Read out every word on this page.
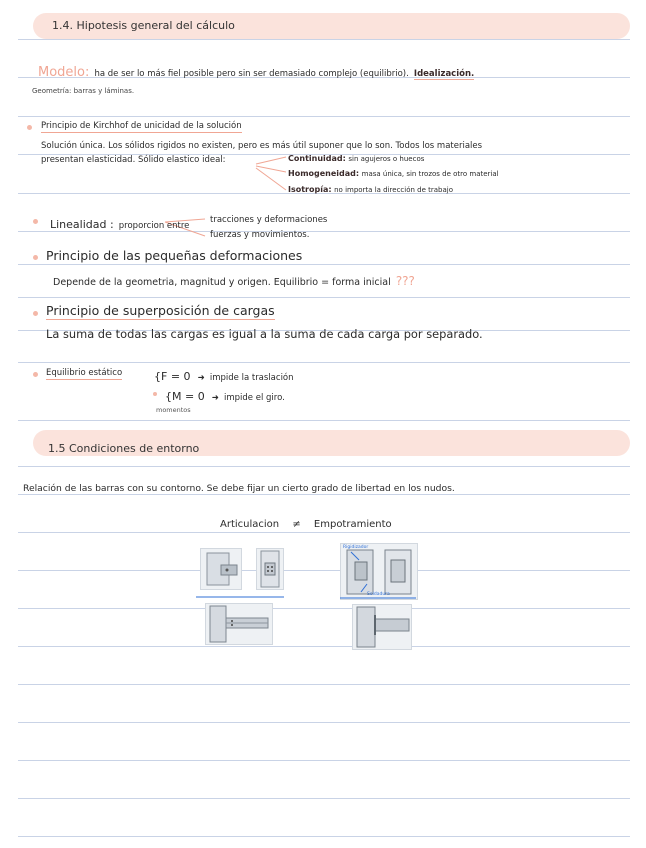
1.4. Hipotesis general del cálculo
Modelo: ha de ser lo más fiel posible pero sin ser demasiado complejo (equilibrio). Idealización.
Geometría: barras y láminas.
Principio de Kirchhof de unicidad de la solución
Solución única. Los sólidos rigidos no existen, pero es más útil suponer que lo son. Todos los materiales
presentan elasticidad. Sólido elastico ideal:	Continuidad: sin agujeros o huecos
Homogeneidad: masa única, sin trozos de otro material
Isotropía: no importa la dirección de trabajo
Linealidad : proporcion entre
tracciones y deformaciones
fuerzas y movimientos.
Principio de las pequeñas deformaciones
Depende de la geometria, magnitud y origen. Equilibrio = forma inicial ???
Principio de superposición de cargas
La suma de todas las cargas es igual a la suma de cada carga por separado.
Equilibrio estático	{F = 0 ➜ impide la traslación
{M = 0 ➜ impide el giro.
momentos
1.5 Condiciones de entorno
Relación de las barras con su contorno. Se debe fijar un cierto grado de libertad en los nudos.
Articulacion ≠ Empotramiento
Rigidizador
Soldadura
